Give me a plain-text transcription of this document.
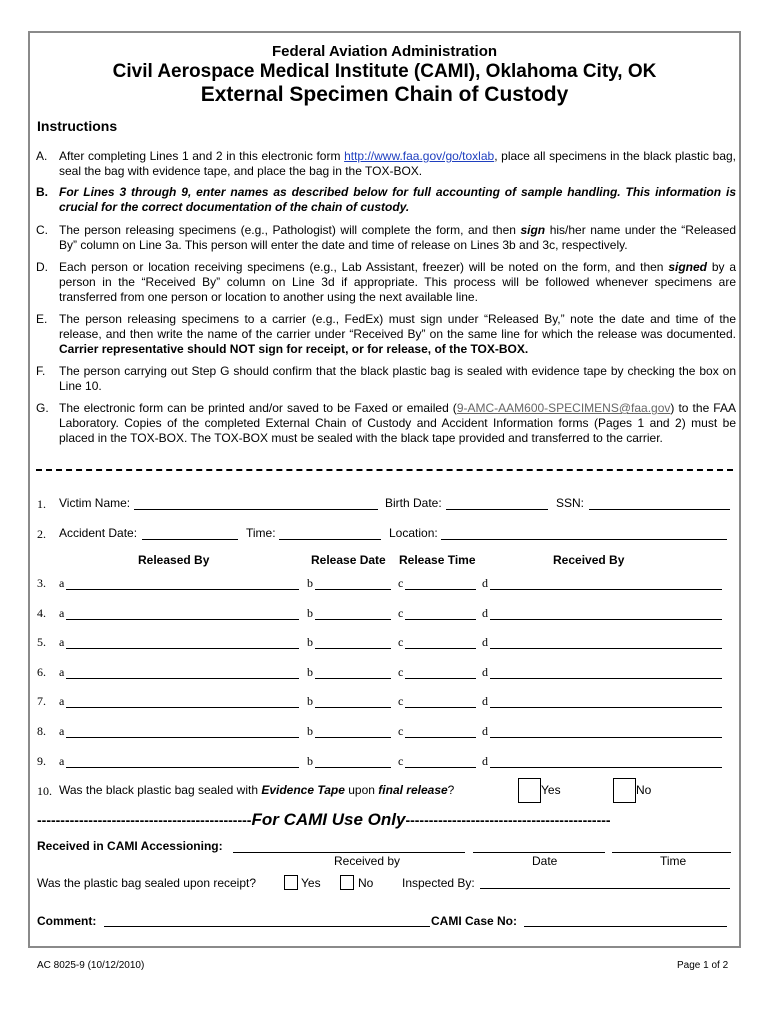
Federal Aviation Administration
Civil Aerospace Medical Institute (CAMI), Oklahoma City, OK
External Specimen Chain of Custody
Instructions
A. After completing Lines 1 and 2 in this electronic form http://www.faa.gov/go/toxlab, place all specimens in the black plastic bag, seal the bag with evidence tape, and place the bag in the TOX-BOX.
B. For Lines 3 through 9, enter names as described below for full accounting of sample handling. This information is crucial for the correct documentation of the chain of custody.
C. The person releasing specimens (e.g., Pathologist) will complete the form, and then sign his/her name under the “Released By” column on Line 3a. This person will enter the date and time of release on Lines 3b and 3c, respectively.
D. Each person or location receiving specimens (e.g., Lab Assistant, freezer) will be noted on the form, and then signed by a person in the “Received By” column on Line 3d if appropriate. This process will be followed whenever specimens are transferred from one person or location to another using the next available line.
E. The person releasing specimens to a carrier (e.g., FedEx) must sign under “Released By,” note the date and time of the release, and then write the name of the carrier under “Received By” on the same line for which the release was documented. Carrier representative should NOT sign for receipt, or for release, of the TOX-BOX.
F. The person carrying out Step G should confirm that the black plastic bag is sealed with evidence tape by checking the box on Line 10.
G. The electronic form can be printed and/or saved to be Faxed or emailed (9-AMC-AAM600-SPECIMENS@faa.gov) to the FAA Laboratory. Copies of the completed External Chain of Custody and Accident Information forms (Pages 1 and 2) must be placed in the TOX-BOX. The TOX-BOX must be sealed with the black tape provided and transferred to the carrier.
1. Victim Name:	Birth Date:	SSN:
2. Accident Date:	Time:	Location:
Released By	Release Date Release Time	Received By
3. a	b	c	d
4. a	b	c	d
5. a	b	c	d
6. a	b	c	d
7. a	b	c	d
8. a	b	c	d
9. a	b	c	d
10. Was the black plastic bag sealed with Evidence Tape upon final release?	Yes	No
----------------------------------------------For CAMI Use Only--------------------------------------------
Received in CAMI Accessioning:
Received by	Date	Time
Was the plastic bag sealed upon receipt?	Yes	No Inspected By:
Comment:	CAMI Case No:
AC 8025-9 (10/12/2010)	Page 1 of 2
